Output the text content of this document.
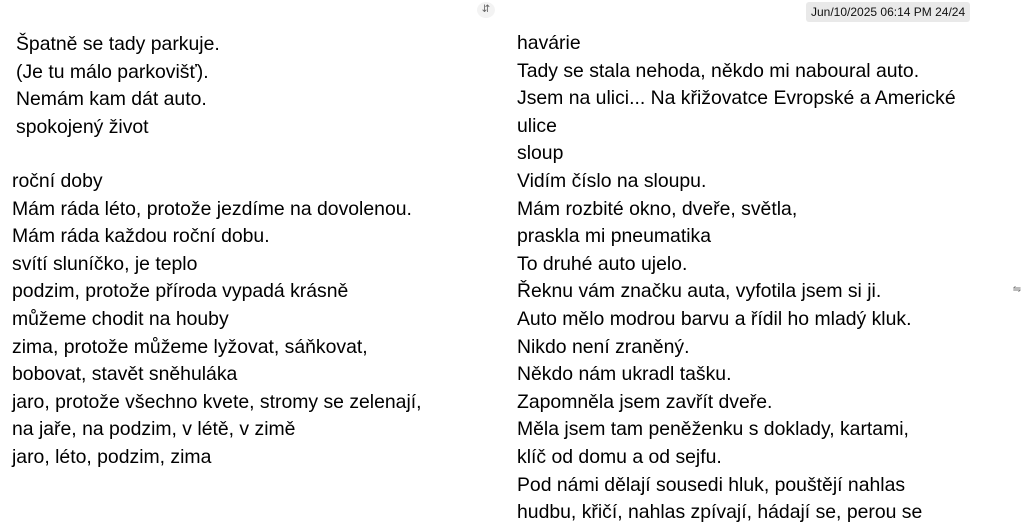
⇵	Jun/10/2025 06:14 PM 24/24
⇋
Špatně se tady parkuje.
(Je tu málo parkovišť).
Nemám kam dát auto.
spokojený život
roční doby
Mám ráda léto, protože jezdíme na dovolenou.
Mám ráda každou roční dobu.
svítí sluníčko, je teplo
podzim, protože příroda vypadá krásně
můžeme chodit na houby
zima, protože můžeme lyžovat, sáňkovat,
bobovat, stavět sněhuláka
jaro, protože všechno kvete, stromy se zelenají,
na jaře, na podzim, v létě, v zimě
jaro, léto, podzim, zima
havárie
Tady se stala nehoda, někdo mi naboural auto.
Jsem na ulici... Na křižovatce Evropské a Americké
ulice
sloup
Vidím číslo na sloupu.
Mám rozbité okno, dveře, světla,
praskla mi pneumatika
To druhé auto ujelo.
Řeknu vám značku auta, vyfotila jsem si ji.
Auto mělo modrou barvu a řídil ho mladý kluk.
Nikdo není zraněný.
Někdo nám ukradl tašku.
Zapomněla jsem zavřít dveře.
Měla jsem tam peněženku s doklady, kartami,
klíč od domu a od sejfu.
Pod námi dělají sousedi hluk, pouštějí nahlas
hudbu, křičí, nahlas zpívají, hádají se, perou se
